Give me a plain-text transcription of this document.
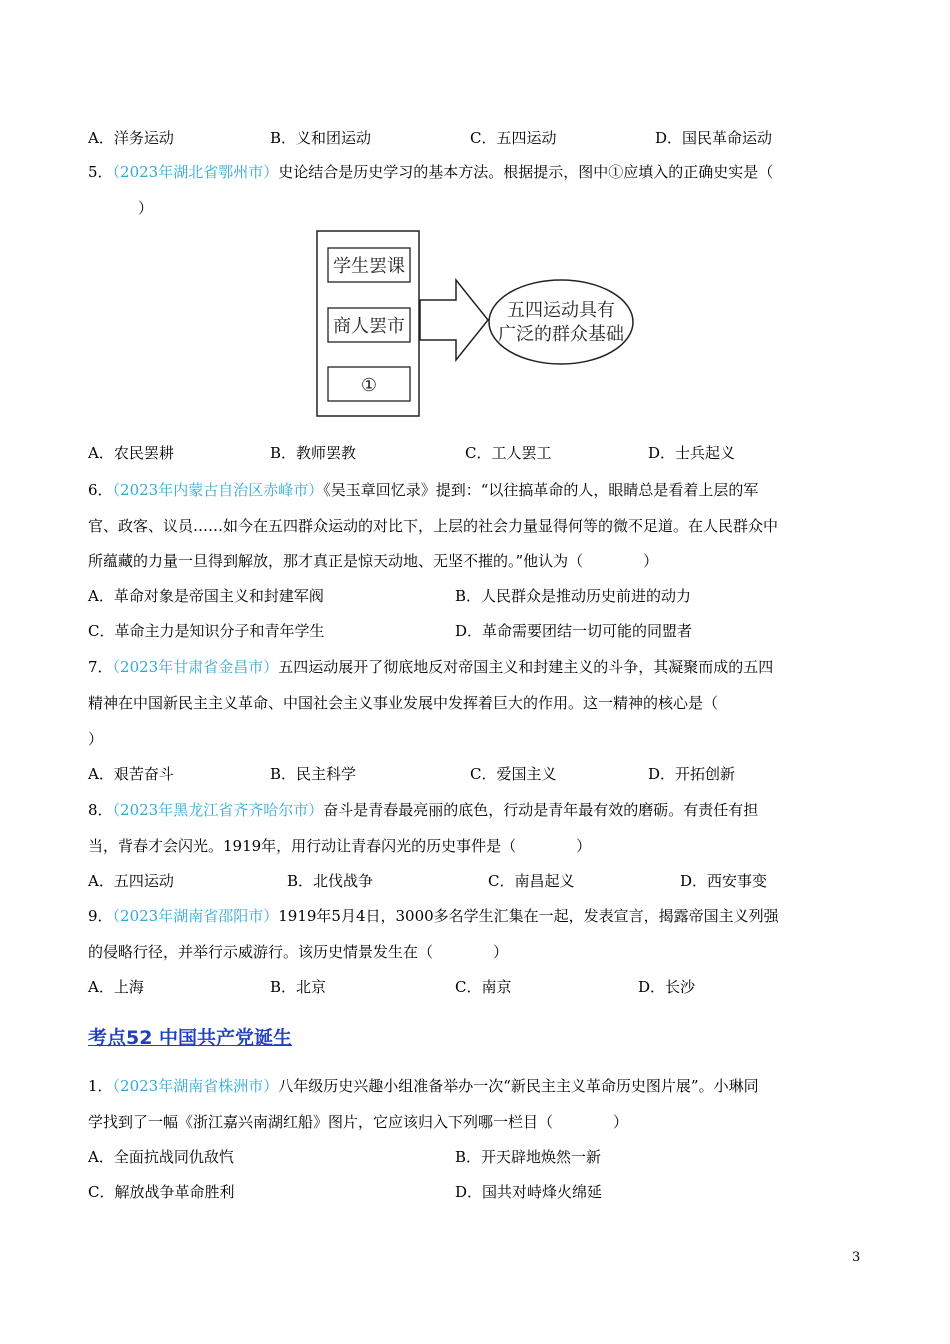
A．洋务运动	B．义和团运动	C．五四运动	D．国民革命运动
5．（2023年湖北省鄂州市）史论结合是历史学习的基本方法。根据提示，图中①应填入的正确史实是（
）
学生罢课
商人罢市
①
五四运动具有
广泛的群众基础
A．农民罢耕	B．教师罢教	C．工人罢工	D．士兵起义
6．（2023年内蒙古自治区赤峰市）《吴玉章回忆录》提到：“以往搞革命的人，眼睛总是看着上层的军
官、政客、议员……如今在五四群众运动的对比下，上层的社会力量显得何等的微不足道。在人民群众中
所蕴藏的力量一旦得到解放，那才真正是惊天动地、无坚不摧的。”他认为（　　　　）
A．革命对象是帝国主义和封建军阀	B．人民群众是推动历史前进的动力
C．革命主力是知识分子和青年学生	D．革命需要团结一切可能的同盟者
7．（2023年甘肃省金昌市）五四运动展开了彻底地反对帝国主义和封建主义的斗争，其凝聚而成的五四
精神在中国新民主主义革命、中国社会主义事业发展中发挥着巨大的作用。这一精神的核心是（
）
A．艰苦奋斗	B．民主科学	C．爱国主义	D．开拓创新
8．（2023年黑龙江省齐齐哈尔市）奋斗是青春最亮丽的底色，行动是青年最有效的磨砺。有责任有担
当，背春才会闪光。1919年，用行动让青春闪光的历史事件是（　　　　）
A．五四运动	B．北伐战争	C．南昌起义	D．西安事变
9．（2023年湖南省邵阳市）1919年5月4日，3000多名学生汇集在一起，发表宣言，揭露帝国主义列强
的侵略行径，并举行示威游行。该历史情景发生在（　　　　）
A．上海	B．北京	C．南京	D．长沙
考点52 中国共产党诞生
1．（2023年湖南省株洲市）八年级历史兴趣小组准备举办一次“新民主主义革命历史图片展”。小琳同
学找到了一幅《浙江嘉兴南湖红船》图片，它应该归入下列哪一栏目（　　　　）
A．全面抗战同仇敌忾	B．开天辟地焕然一新
C．解放战争革命胜利	D．国共对峙烽火绵延
3
